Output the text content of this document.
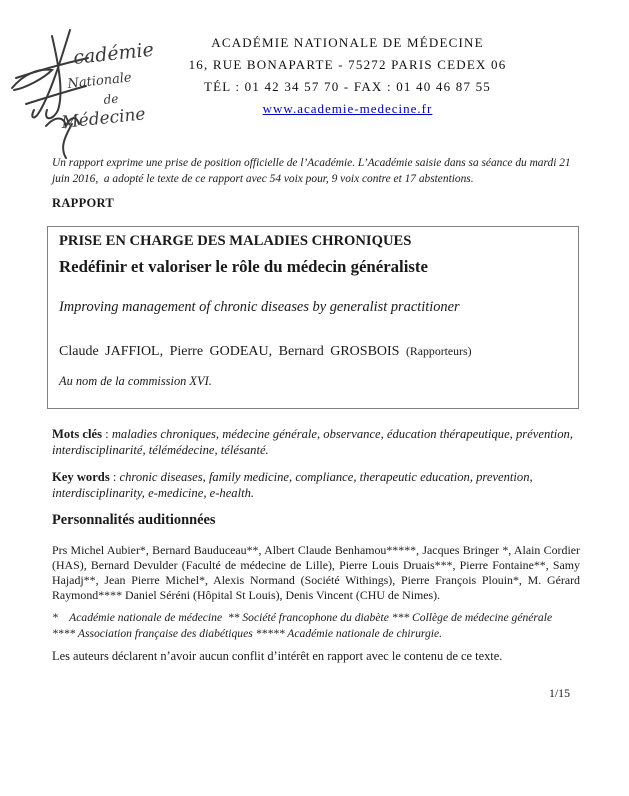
cadémie
Nationale
de
Médecine
ACADÉMIE NATIONALE DE MÉDECINE
16, RUE BONAPARTE - 75272 PARIS CEDEX 06
TÉL : 01 42 34 57 70 - FAX : 01 40 46 87 55
www.academie-medecine.fr
Un rapport exprime une prise de position officielle de l’Académie. L’Académie saisie dans sa séance du mardi 21 juin 2016,  a adopté le texte de ce rapport avec 54 voix pour, 9 voix contre et 17 abstentions.
RAPPORT
PRISE EN CHARGE DES MALADIES CHRONIQUES
Redéfinir et valoriser le rôle du médecin généraliste
Improving management of chronic diseases by generalist practitioner
Claude JAFFIOL, Pierre GODEAU, Bernard GROSBOIS (Rapporteurs)
Au nom de la commission XVI.
Mots clés : maladies chroniques, médecine générale, observance, éducation thérapeutique, prévention, interdisciplinarité, télémédecine, télésanté.
Key words : chronic diseases, family medicine, compliance, therapeutic education, prevention, interdisciplinarity, e-medicine, e-health.
Personnalités auditionnées
Prs Michel Aubier*, Bernard Bauduceau**, Albert Claude Benhamou*****, Jacques Bringer *, Alain Cordier (HAS), Bernard Devulder (Faculté de médecine de Lille), Pierre Louis Druais***, Pierre Fontaine**, Samy Hajadj**, Jean Pierre Michel*, Alexis Normand (Société Withings), Pierre François Plouin*, M. Gérard Raymond**** Daniel Séréni (Hôpital St Louis), Denis Vincent (CHU de Nimes).
*    Académie nationale de médecine  ** Société francophone du diabète *** Collège de médecine générale
**** Association française des diabétiques ***** Académie nationale de chirurgie.
Les auteurs déclarent n’avoir aucun conflit d’intérêt en rapport avec le contenu de ce texte.
1/15
